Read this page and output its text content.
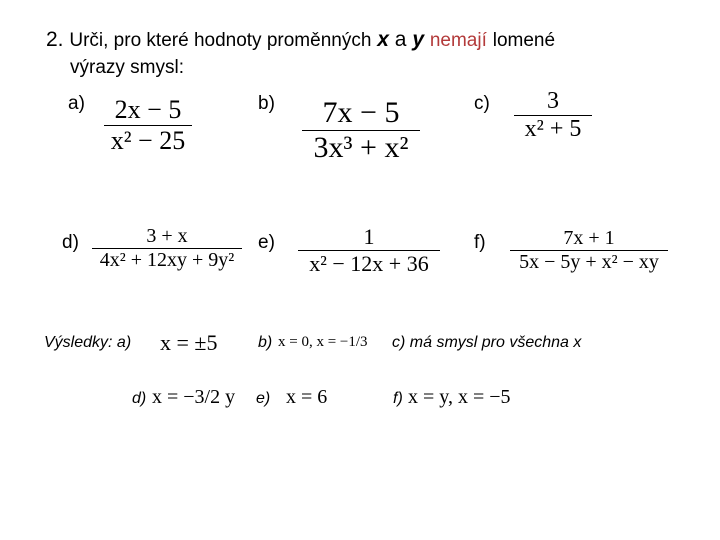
2. Urči, pro které hodnoty proměnných x a y nemají lomené
výrazy smysl:
a)	b)	c)
d)	e)	f)
2x − 5
x² − 25
7x − 5
3x³ + x²
3
x² + 5
3 + x
4x² + 12xy + 9y²
1
x² − 12x + 36
7x + 1
5x − 5y + x² − xy
Výsledky: a) x = ±5	b) x = 0, x = −1/3 c) má smysl pro všechna x
d) x = −3/2 y e) x = 6	f) x = y, x = −5
